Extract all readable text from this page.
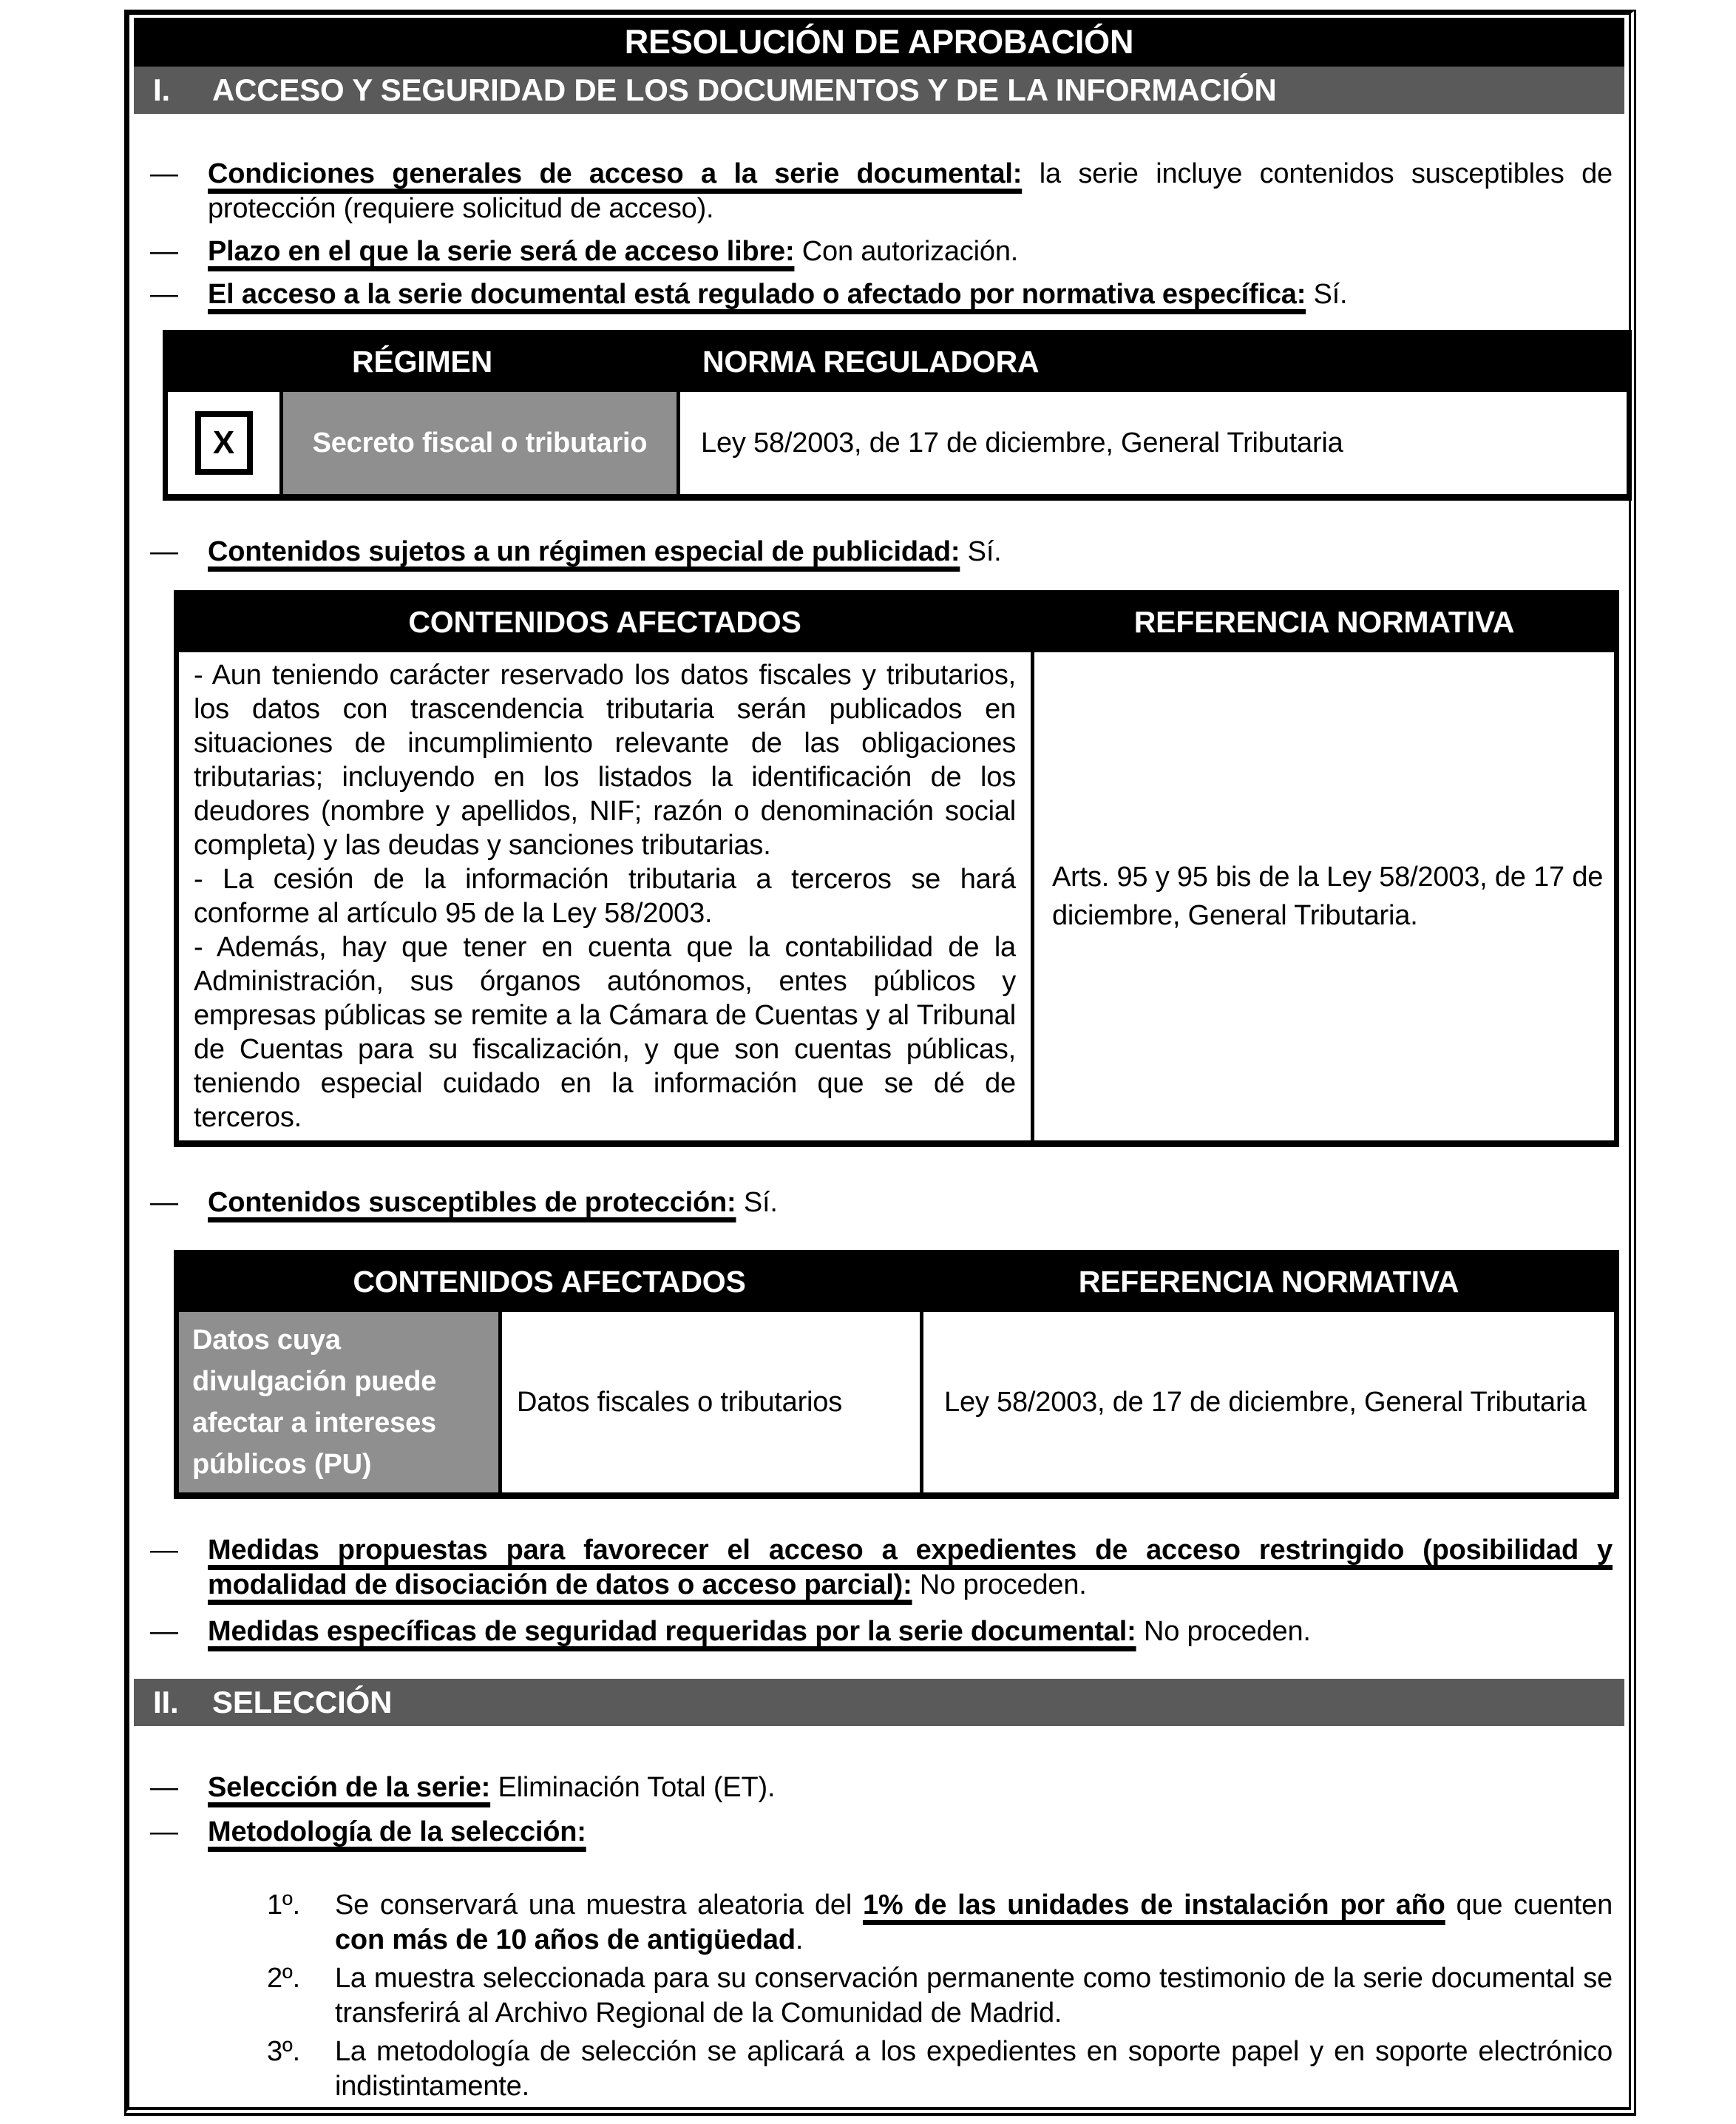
RESOLUCIÓN DE APROBACIÓN
I.	ACCESO Y SEGURIDAD DE LOS DOCUMENTOS Y DE LA INFORMACIÓN
— Condiciones generales de acceso a la serie documental: la serie incluye contenidos susceptibles de protección (requiere solicitud de acceso).
— Plazo en el que la serie será de acceso libre: Con autorización.
— El acceso a la serie documental está regulado o afectado por normativa específica: Sí.
RÉGIMEN		NORMA REGULADORA

X	Secreto fiscal o tributario	Ley 58/2003, de 17 de diciembre, General Tributaria
— Contenidos sujetos a un régimen especial de publicidad: Sí.
CONTENIDOS AFECTADOS	REFERENCIA NORMATIVA

- Aun teniendo carácter reservado los datos fiscales y tributarios, los datos con trascendencia tributaria serán publicados en situaciones de incumplimiento relevante de las obligaciones tributarias; incluyendo en los listados la identificación de los deudores (nombre y apellidos, NIF; razón o denominación social completa) y las deudas y sanciones tributarias.

- La cesión de la información tributaria a terceros se hará conforme al artículo 95 de la Ley 58/2003.

- Además, hay que tener en cuenta que la contabilidad de la Administración, sus órganos autónomos, entes públicos y empresas públicas se remite a la Cámara de Cuentas y al Tribunal de Cuentas para su fiscalización, y que son cuentas públicas, teniendo especial cuidado en la información que se dé de terceros.	Arts. 95 y 95 bis de la Ley 58/2003, de 17 de diciembre, General Tributaria.
— Contenidos susceptibles de protección: Sí.
CONTENIDOS AFECTADOS		REFERENCIA NORMATIVA
Datos cuya divulgación puede afectar a intereses públicos (PU)	Datos fiscales o tributarios	Ley 58/2003, de 17 de diciembre, General Tributaria
— Medidas propuestas para favorecer el acceso a expedientes de acceso restringido (posibilidad y modalidad de disociación de datos o acceso parcial): No proceden.
— Medidas específicas de seguridad requeridas por la serie documental: No proceden.
II.	SELECCIÓN
— Selección de la serie: Eliminación Total (ET).
— Metodología de la selección:
1º. Se conservará una muestra aleatoria del 1% de las unidades de instalación por año que cuenten con más de 10 años de antigüedad.
2º. La muestra seleccionada para su conservación permanente como testimonio de la serie documental se transferirá al Archivo Regional de la Comunidad de Madrid.
3º. La metodología de selección se aplicará a los expedientes en soporte papel y en soporte electrónico indistintamente.
